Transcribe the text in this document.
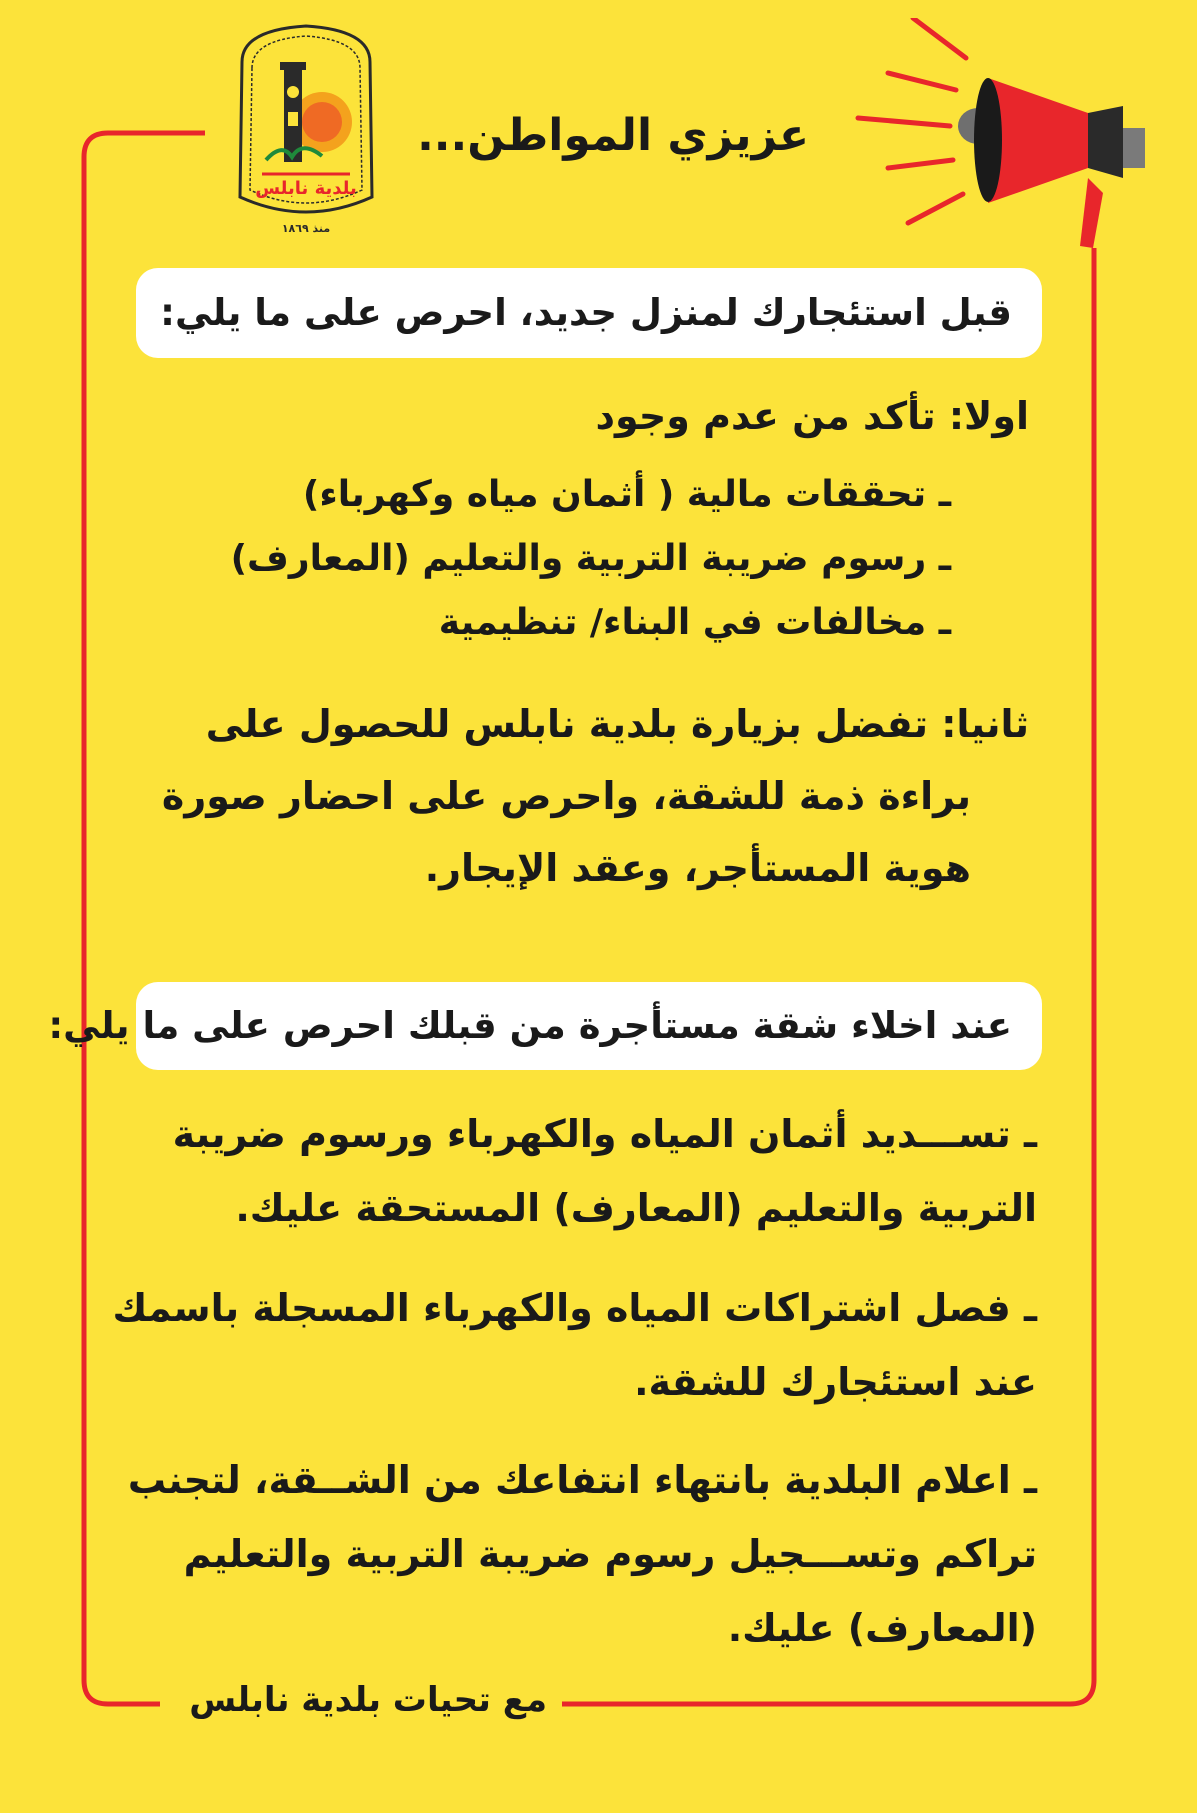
بلدية نابلس
منذ ١٨٦٩
عزيزي المواطن...
قبل استئجارك لمنزل جديد، احرص على ما يلي:
اولا: تأكد من عدم وجود
ـ تحققات مالية ( أثمان مياه وكهرباء)
ـ رسوم ضريبة التربية والتعليم (المعارف)
ـ مخالفات في البناء/ تنظيمية
ثانيا: تفضل بزيارة بلدية نابلس للحصول على
براءة ذمة للشقة، واحرص على احضار صورة
هوية المستأجر، وعقد الإيجار.
عند اخلاء شقة مستأجرة من قبلك احرص على ما يلي:
ـ تســـديد أثمان المياه والكهرباء ورسوم ضريبة
التربية والتعليم (المعارف) المستحقة عليك.
ـ فصل اشتراكات المياه والكهرباء المسجلة باسمك
عند استئجارك للشقة.
ـ اعلام البلدية بانتهاء انتفاعك من الشــقة، لتجنب
تراكم وتســـجيل رسوم ضريبة التربية والتعليم
(المعارف) عليك.
مع تحيات بلدية نابلس
